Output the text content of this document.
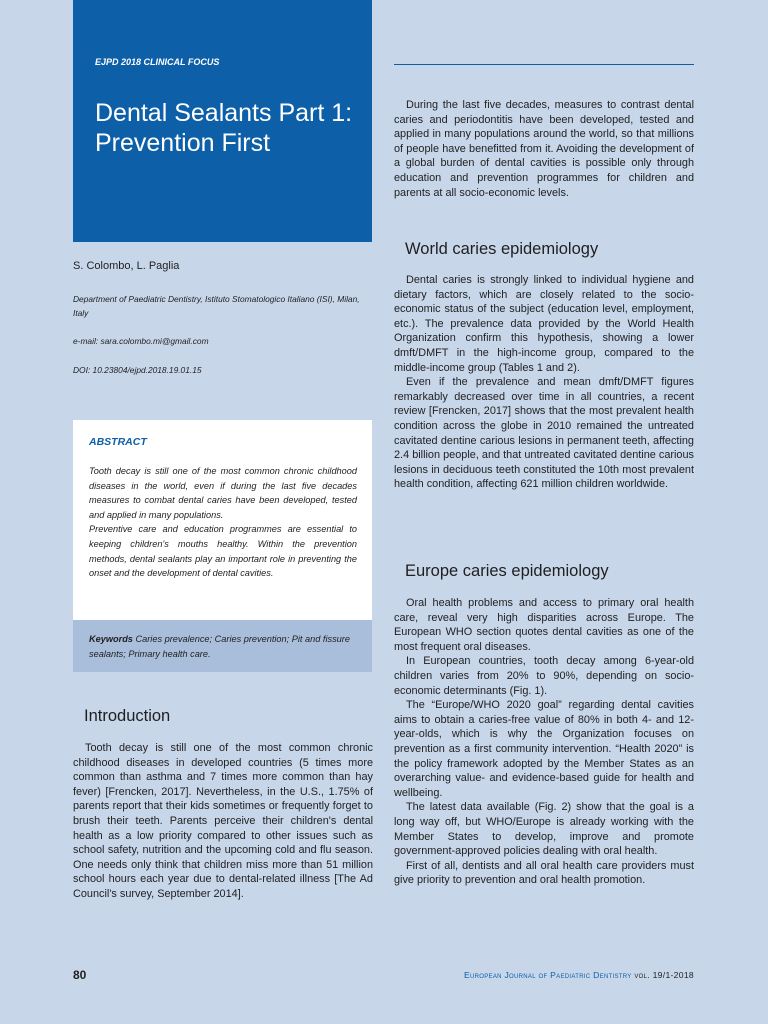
EJPD 2018 CLINICAL FOCUS
Dental Sealants Part 1: Prevention First
S. Colombo, L. Paglia
Department of Paediatric Dentistry, Istituto Stomatologico Italiano (ISI), Milan, Italy
e-mail: sara.colombo.mi@gmail.com
DOI: 10.23804/ejpd.2018.19.01.15
ABSTRACT

Tooth decay is still one of the most common chronic childhood diseases in the world, even if during the last five decades measures to combat dental caries have been developed, tested and applied in many populations.

Preventive care and education programmes are essential to keeping children's mouths healthy. Within the prevention methods, dental sealants play an important role in preventing the onset and the development of dental cavities.

Keywords Caries prevalence; Caries prevention; Pit and fissure sealants; Primary health care.
Introduction

Tooth decay is still one of the most common chronic childhood diseases in developed countries (5 times more common than asthma and 7 times more common than hay fever) [Frencken, 2017]. Nevertheless, in the U.S., 1.75% of parents report that their kids sometimes or frequently forget to brush their teeth. Parents perceive their children's dental health as a low priority compared to other issues such as school safety, nutrition and the upcoming cold and flu season. One needs only think that children miss more than 51 million school hours each year due to dental-related illness [The Ad Council's survey, September 2014].

During the last five decades, measures to contrast dental caries and periodontitis have been developed, tested and applied in many populations around the world, so that millions of people have benefitted from it. Avoiding the development of a global burden of dental cavities is possible only through education and prevention programmes for children and parents at all socio-economic levels.

World caries epidemiology

Dental caries is strongly linked to individual hygiene and dietary factors, which are closely related to the socio-economic status of the subject (education level, employment, etc.). The prevalence data provided by the World Health Organization confirm this hypothesis, showing a lower dmft/DMFT in the high-income group, compared to the middle-income group (Tables 1 and 2).

Even if the prevalence and mean dmft/DMFT figures remarkably decreased over time in all countries, a recent review [Frencken, 2017] shows that the most prevalent health condition across the globe in 2010 remained the untreated cavitated dentine carious lesions in permanent teeth, affecting 2.4 billion people, and that untreated cavitated dentine carious lesions in deciduous teeth constituted the 10th most prevalent health condition, affecting 621 million children worldwide.

Europe caries epidemiology

Oral health problems and access to primary oral health care, reveal very high disparities across Europe. The European WHO section quotes dental cavities as one of the most frequent oral diseases.

In European countries, tooth decay among 6-year-old children varies from 20% to 90%, depending on socio-economic determinants (Fig. 1).

The “Europe/WHO 2020 goal” regarding dental cavities aims to obtain a caries-free value of 80% in both 4- and 12-year-olds, which is why the Organization focuses on prevention as a first community intervention. “Health 2020” is the policy framework adopted by the Member States as an overarching value- and evidence-based guide for health and wellbeing.

The latest data available (Fig. 2) show that the goal is a long way off, but WHO/Europe is already working with the Member States to develop, improve and promote government-approved policies dealing with oral health.

First of all, dentists and all oral health care providers must give priority to prevention and oral health promotion.

80	European Journal of Paediatric Dentistry vol. 19/1-2018
